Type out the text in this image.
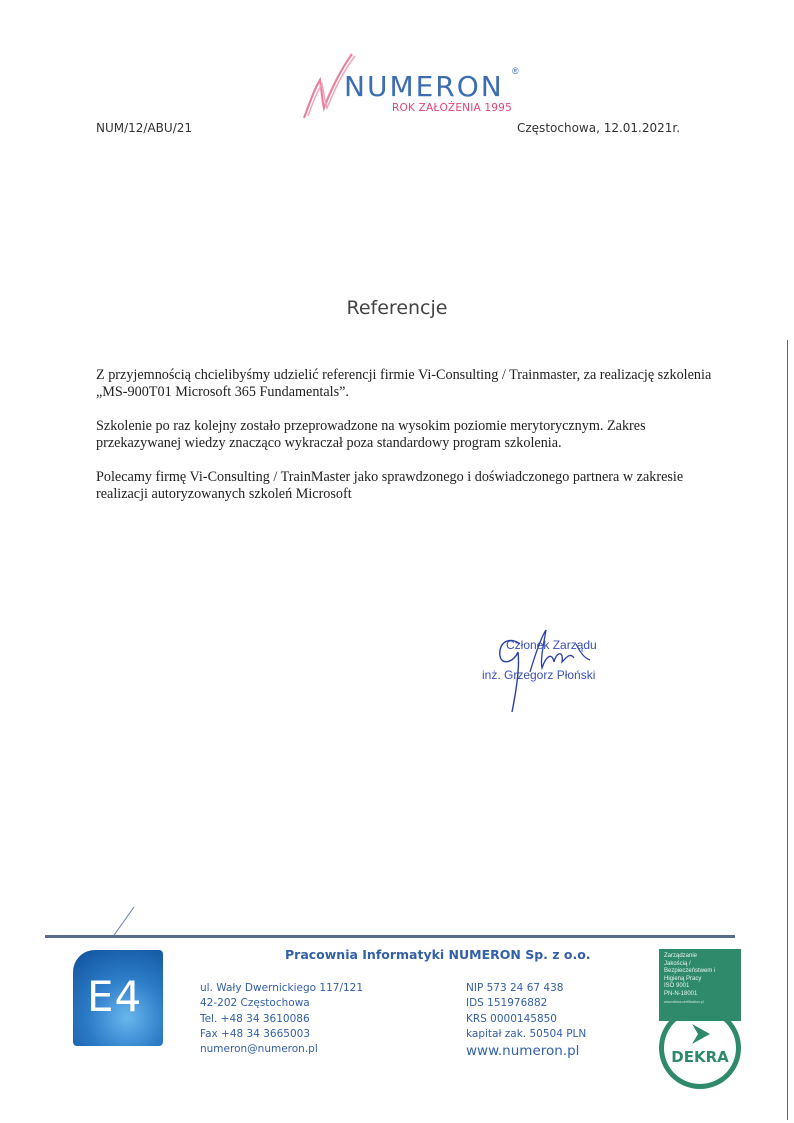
NUMERON ®
ROK ZAŁOŻENIA 1995
NUM/12/ABU/21	Częstochowa, 12.01.2021r.
Referencje

Z przyjemnością chcielibyśmy udzielić referencji firmie Vi-Consulting / Trainmaster, za realizację szkolenia „MS-900T01 Microsoft 365 Fundamentals”.

Szkolenie po raz kolejny zostało przeprowadzone na wysokim poziomie merytorycznym. Zakres przekazywanej wiedzy znacząco wykraczał poza standardowy program szkolenia.

Polecamy firmę Vi-Consulting / TrainMaster jako sprawdzonego i doświadczonego partnera w zakresie realizacji autoryzowanych szkoleń Microsoft

Członek Zarządu
inż. Grzegorz Płoński
E4
Pracownia Informatyki NUMERON Sp. z o.o.
ul. Wały Dwernickiego 117/121
42-202 Częstochowa
Tel. +48 34 3610086
Fax +48 34 3665003
numeron@numeron.pl
NIP 573 24 67 438
IDS 151976882
KRS 0000145850
kapitał zak. 50504 PLN
www.numeron.pl	DEKRA
certyfikat
Zarządzanie
Jakością /
Bezpieczeństwem i
Higieną Pracy
ISO 9001
PN-N-18001
www.dekra-certification.pl
